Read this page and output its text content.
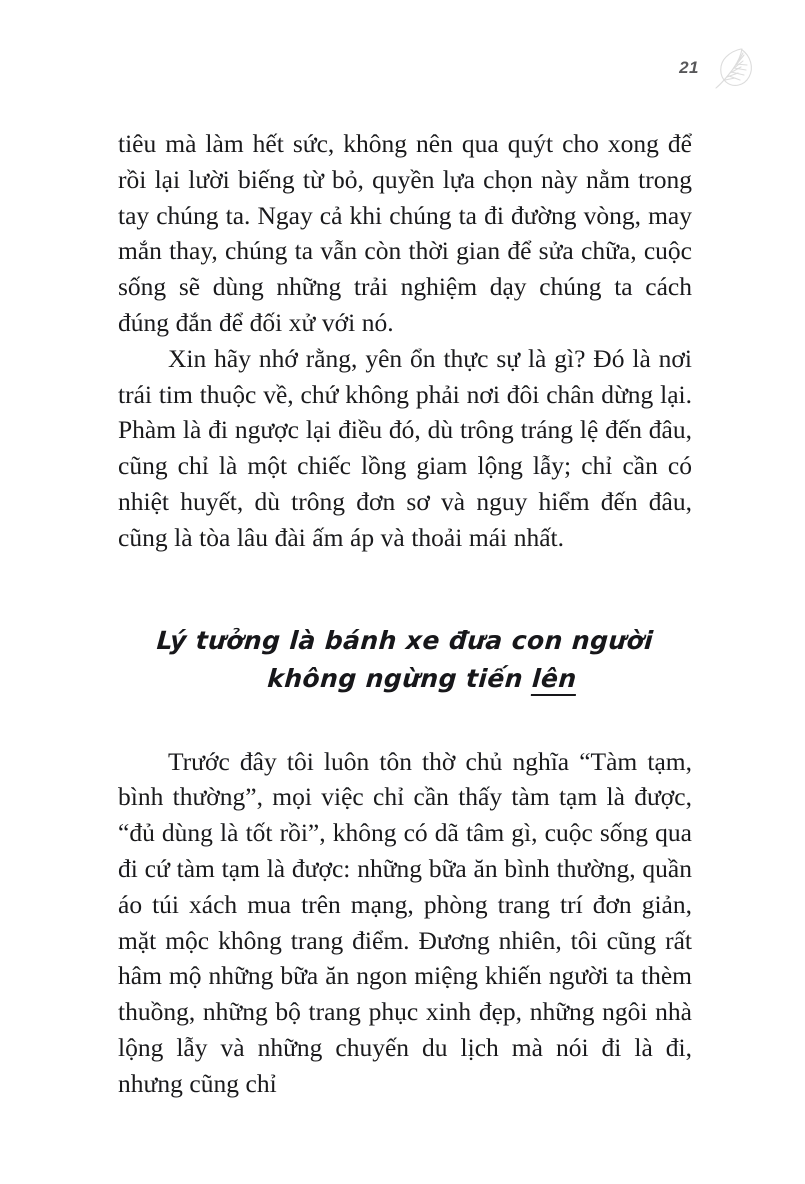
21

tiêu mà làm hết sức, không nên qua quýt cho xong để rồi lại lười biếng từ bỏ, quyền lựa chọn này nằm trong tay chúng ta. Ngay cả khi chúng ta đi đường vòng, may mắn thay, chúng ta vẫn còn thời gian để sửa chữa, cuộc sống sẽ dùng những trải nghiệm dạy chúng ta cách đúng đắn để đối xử với nó.

Xin hãy nhớ rằng, yên ổn thực sự là gì? Đó là nơi trái tim thuộc về, chứ không phải nơi đôi chân dừng lại. Phàm là đi ngược lại điều đó, dù trông tráng lệ đến đâu, cũng chỉ là một chiếc lồng giam lộng lẫy; chỉ cần có nhiệt huyết, dù trông đơn sơ và nguy hiểm đến đâu, cũng là tòa lâu đài ấm áp và thoải mái nhất.

Lý tưởng là bánh xe đưa con người
không ngừng tiến lên

Trước đây tôi luôn tôn thờ chủ nghĩa “Tàm tạm, bình thường”, mọi việc chỉ cần thấy tàm tạm là được, “đủ dùng là tốt rồi”, không có dã tâm gì, cuộc sống qua đi cứ tàm tạm là được: những bữa ăn bình thường, quần áo túi xách mua trên mạng, phòng trang trí đơn giản, mặt mộc không trang điểm. Đương nhiên, tôi cũng rất hâm mộ những bữa ăn ngon miệng khiến người ta thèm thuồng, những bộ trang phục xinh đẹp, những ngôi nhà lộng lẫy và những chuyến du lịch mà nói đi là đi, nhưng cũng chỉ
